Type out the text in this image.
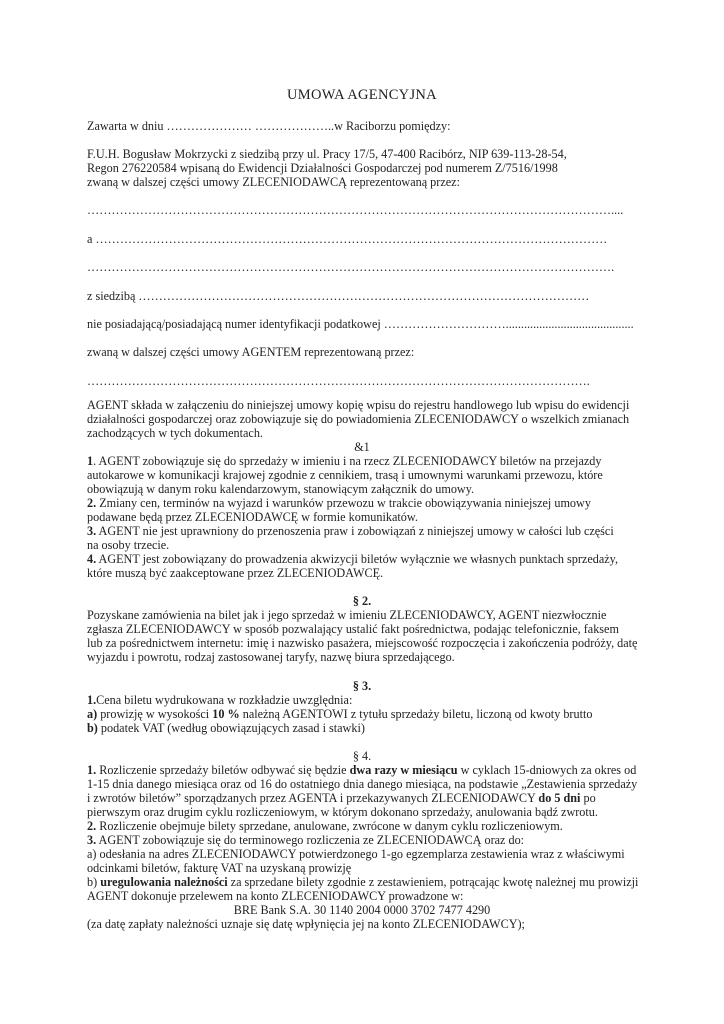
UMOWA AGENCYJNA
Zawarta w dniu ………………… ………………..w Raciborzu pomiędzy:
F.U.H. Bogusław Mokrzycki z siedzibą przy ul. Pracy 17/5, 47-400 Racibórz, NIP 639-113-28-54,
Regon 276220584 wpisaną do Ewidencji Działalności Gospodarczej pod numerem Z/7516/1998
zwaną w dalszej części umowy ZLECENIODAWCĄ reprezentowaną przez:
…………………………………………………………………………………………………………………....
a ………………………………………………………………………………………………………………
………………………………………………………………………………………………………………….
z siedzibą …………………………………………………………………………………………………
nie posiadającą/posiadającą numer identyfikacji podatkowej …………………………..........................................
zwaną w dalszej części umowy AGENTEM reprezentowaną przez:
…………………………………………………………………………………………………………….
AGENT składa w załączeniu do niniejszej umowy kopię wpisu do rejestru handlowego lub wpisu do ewidencji
działalności gospodarczej oraz zobowiązuje się do powiadomienia ZLECENIODAWCY o wszelkich zmianach
zachodzących w tych dokumentach.
&1
1. AGENT zobowiązuje się do sprzedaży w imieniu i na rzecz ZLECENIODAWCY biletów na przejazdy
autokarowe w komunikacji krajowej zgodnie z cennikiem, trasą i umownymi warunkami przewozu, które
obowiązują w danym roku kalendarzowym, stanowiącym załącznik do umowy.
2. Zmiany cen, terminów na wyjazd i warunków przewozu w trakcie obowiązywania niniejszej umowy
podawane będą przez ZLECENIODAWCĘ w formie komunikatów.
3. AGENT nie jest uprawniony do przenoszenia praw i zobowiązań z niniejszej umowy w całości lub części
na osoby trzecie.
4. AGENT jest zobowiązany do prowadzenia akwizycji biletów wyłącznie we własnych punktach sprzedaży,
które muszą być zaakceptowane przez ZLECENIODAWCĘ.
§ 2.
Pozyskane zamówienia na bilet jak i jego sprzedaż w imieniu ZLECENIODAWCY, AGENT niezwłocznie
zgłasza ZLECENIODAWCY w sposób pozwalający ustalić fakt pośrednictwa, podając telefonicznie, faksem
lub za pośrednictwem internetu: imię i nazwisko pasażera, miejscowość rozpoczęcia i zakończenia podróży, datę
wyjazdu i powrotu, rodzaj zastosowanej taryfy, nazwę biura sprzedającego.
§ 3.
1.Cena biletu wydrukowana w rozkładzie uwzględnia:
a) prowizję w wysokości 10 % należną AGENTOWI z tytułu sprzedaży biletu, liczoną od kwoty brutto
b) podatek VAT (według obowiązujących zasad i stawki)
§ 4.
1. Rozliczenie sprzedaży biletów odbywać się będzie dwa razy w miesiącu w cyklach 15-dniowych za okres od
1-15 dnia danego miesiąca oraz od 16 do ostatniego dnia danego miesiąca, na podstawie „Zestawienia sprzedaży
i zwrotów biletów” sporządzanych przez AGENTA i przekazywanych ZLECENIODAWCY do 5 dni po
pierwszym oraz drugim cyklu rozliczeniowym, w którym dokonano sprzedaży, anulowania bądź zwrotu.
2. Rozliczenie obejmuje bilety sprzedane, anulowane, zwrócone w danym cyklu rozliczeniowym.
3. AGENT zobowiązuje się do terminowego rozliczenia ze ZLECENIODAWCĄ oraz do:
a) odesłania na adres ZLECENIODAWCY potwierdzonego 1-go egzemplarza zestawienia wraz z właściwymi
odcinkami biletów, fakturę VAT na uzyskaną prowizję
b) uregulowania należności za sprzedane bilety zgodnie z zestawieniem, potrącając kwotę należnej mu prowizji
AGENT dokonuje przelewem na konto ZLECENIODAWCY prowadzone w:
BRE Bank S.A. 30 1140 2004 0000 3702 7477 4290
(za datę zapłaty należności uznaje się datę wpłynięcia jej na konto ZLECENIODAWCY);
